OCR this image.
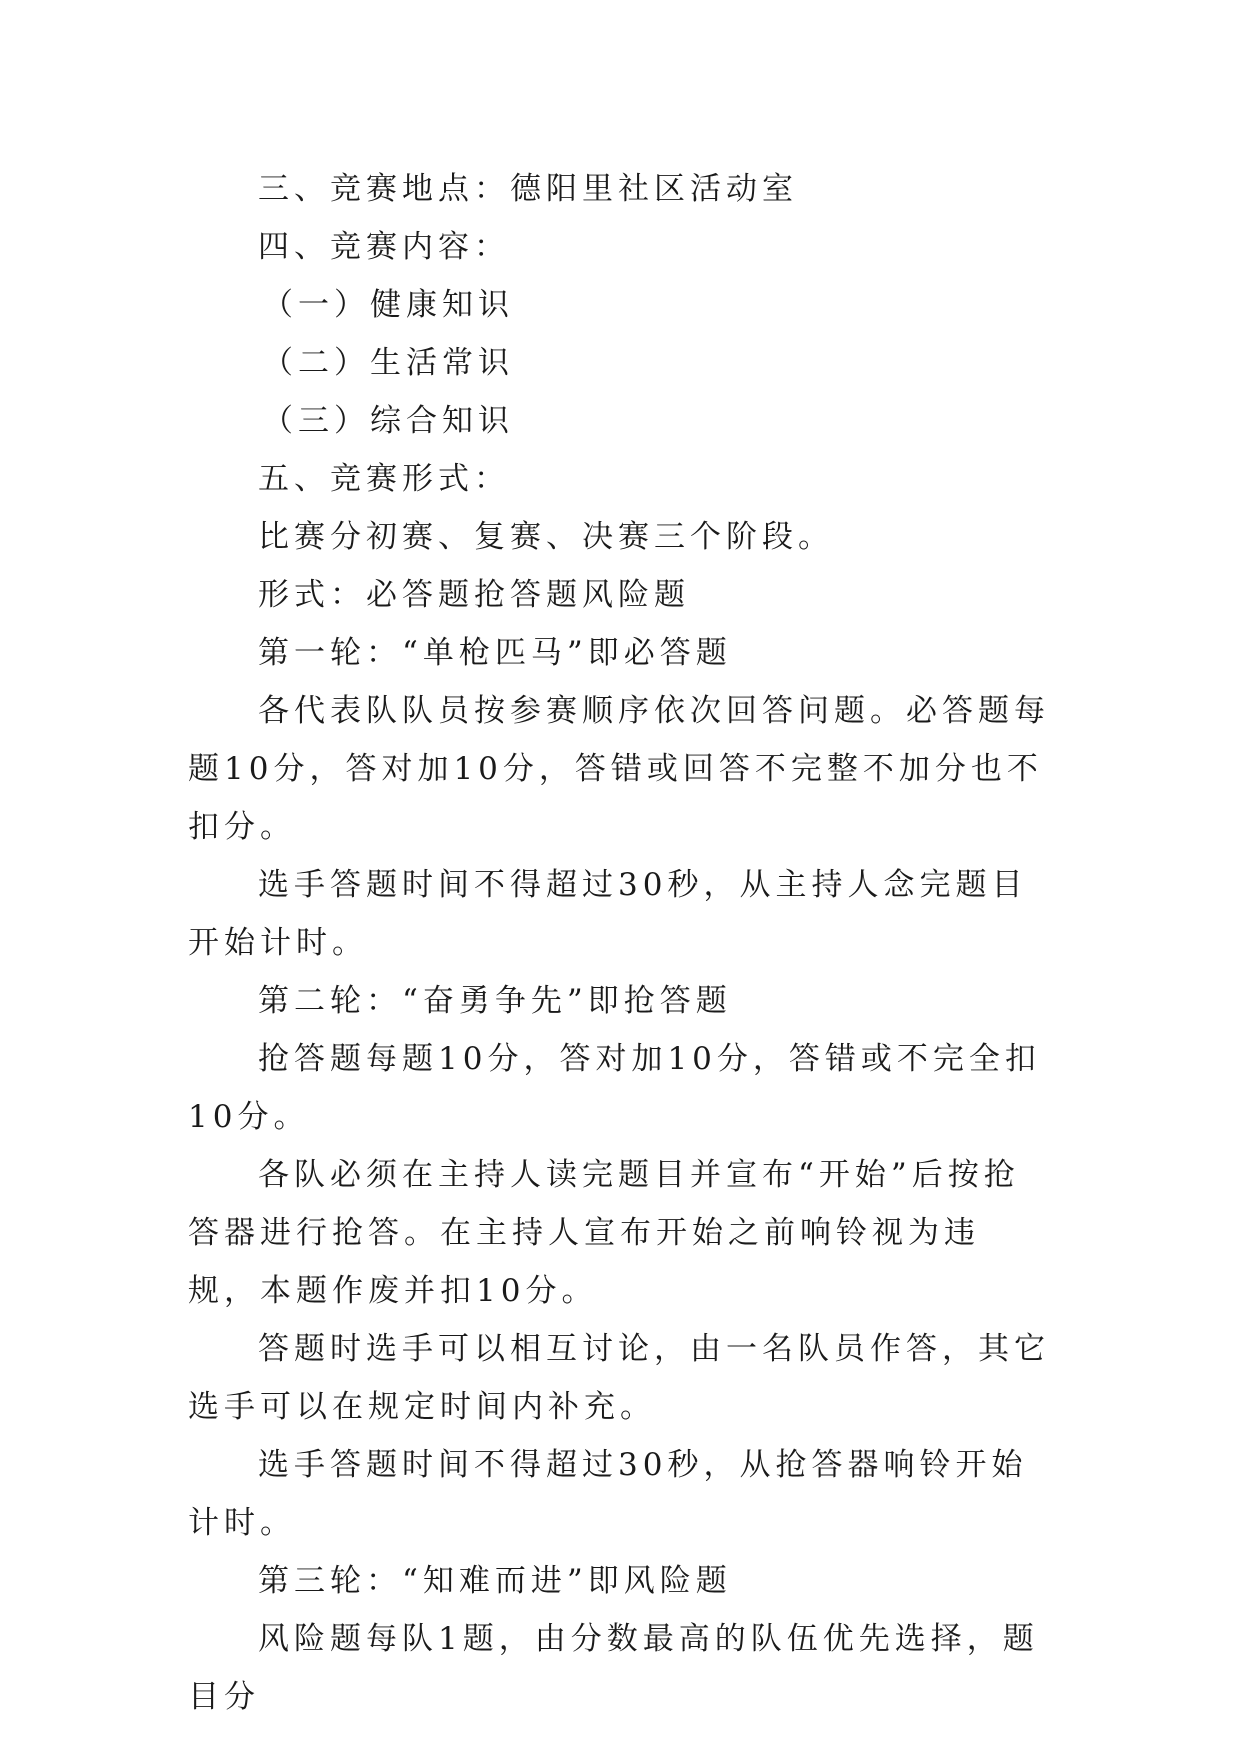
三、竞赛地点：德阳里社区活动室

四、竞赛内容：

（一）健康知识

（二）生活常识

（三）综合知识

五、竞赛形式：

比赛分初赛、复赛、决赛三个阶段。

形式：必答题抢答题风险题

第一轮：“单枪匹马”即必答题

各代表队队员按参赛顺序依次回答问题。必答题每题10分，答对加10分，答错或回答不完整不加分也不扣分。

选手答题时间不得超过30秒，从主持人念完题目开始计时。

第二轮：“奋勇争先”即抢答题

抢答题每题10分，答对加10分，答错或不完全扣10分。

各队必须在主持人读完题目并宣布“开始”后按抢答器进行抢答。在主持人宣布开始之前响铃视为违规，本题作废并扣10分。

答题时选手可以相互讨论，由一名队员作答，其它选手可以在规定时间内补充。

选手答题时间不得超过30秒，从抢答器响铃开始计时。

第三轮：“知难而进”即风险题

风险题每队1题，由分数最高的队伍优先选择，题目分
